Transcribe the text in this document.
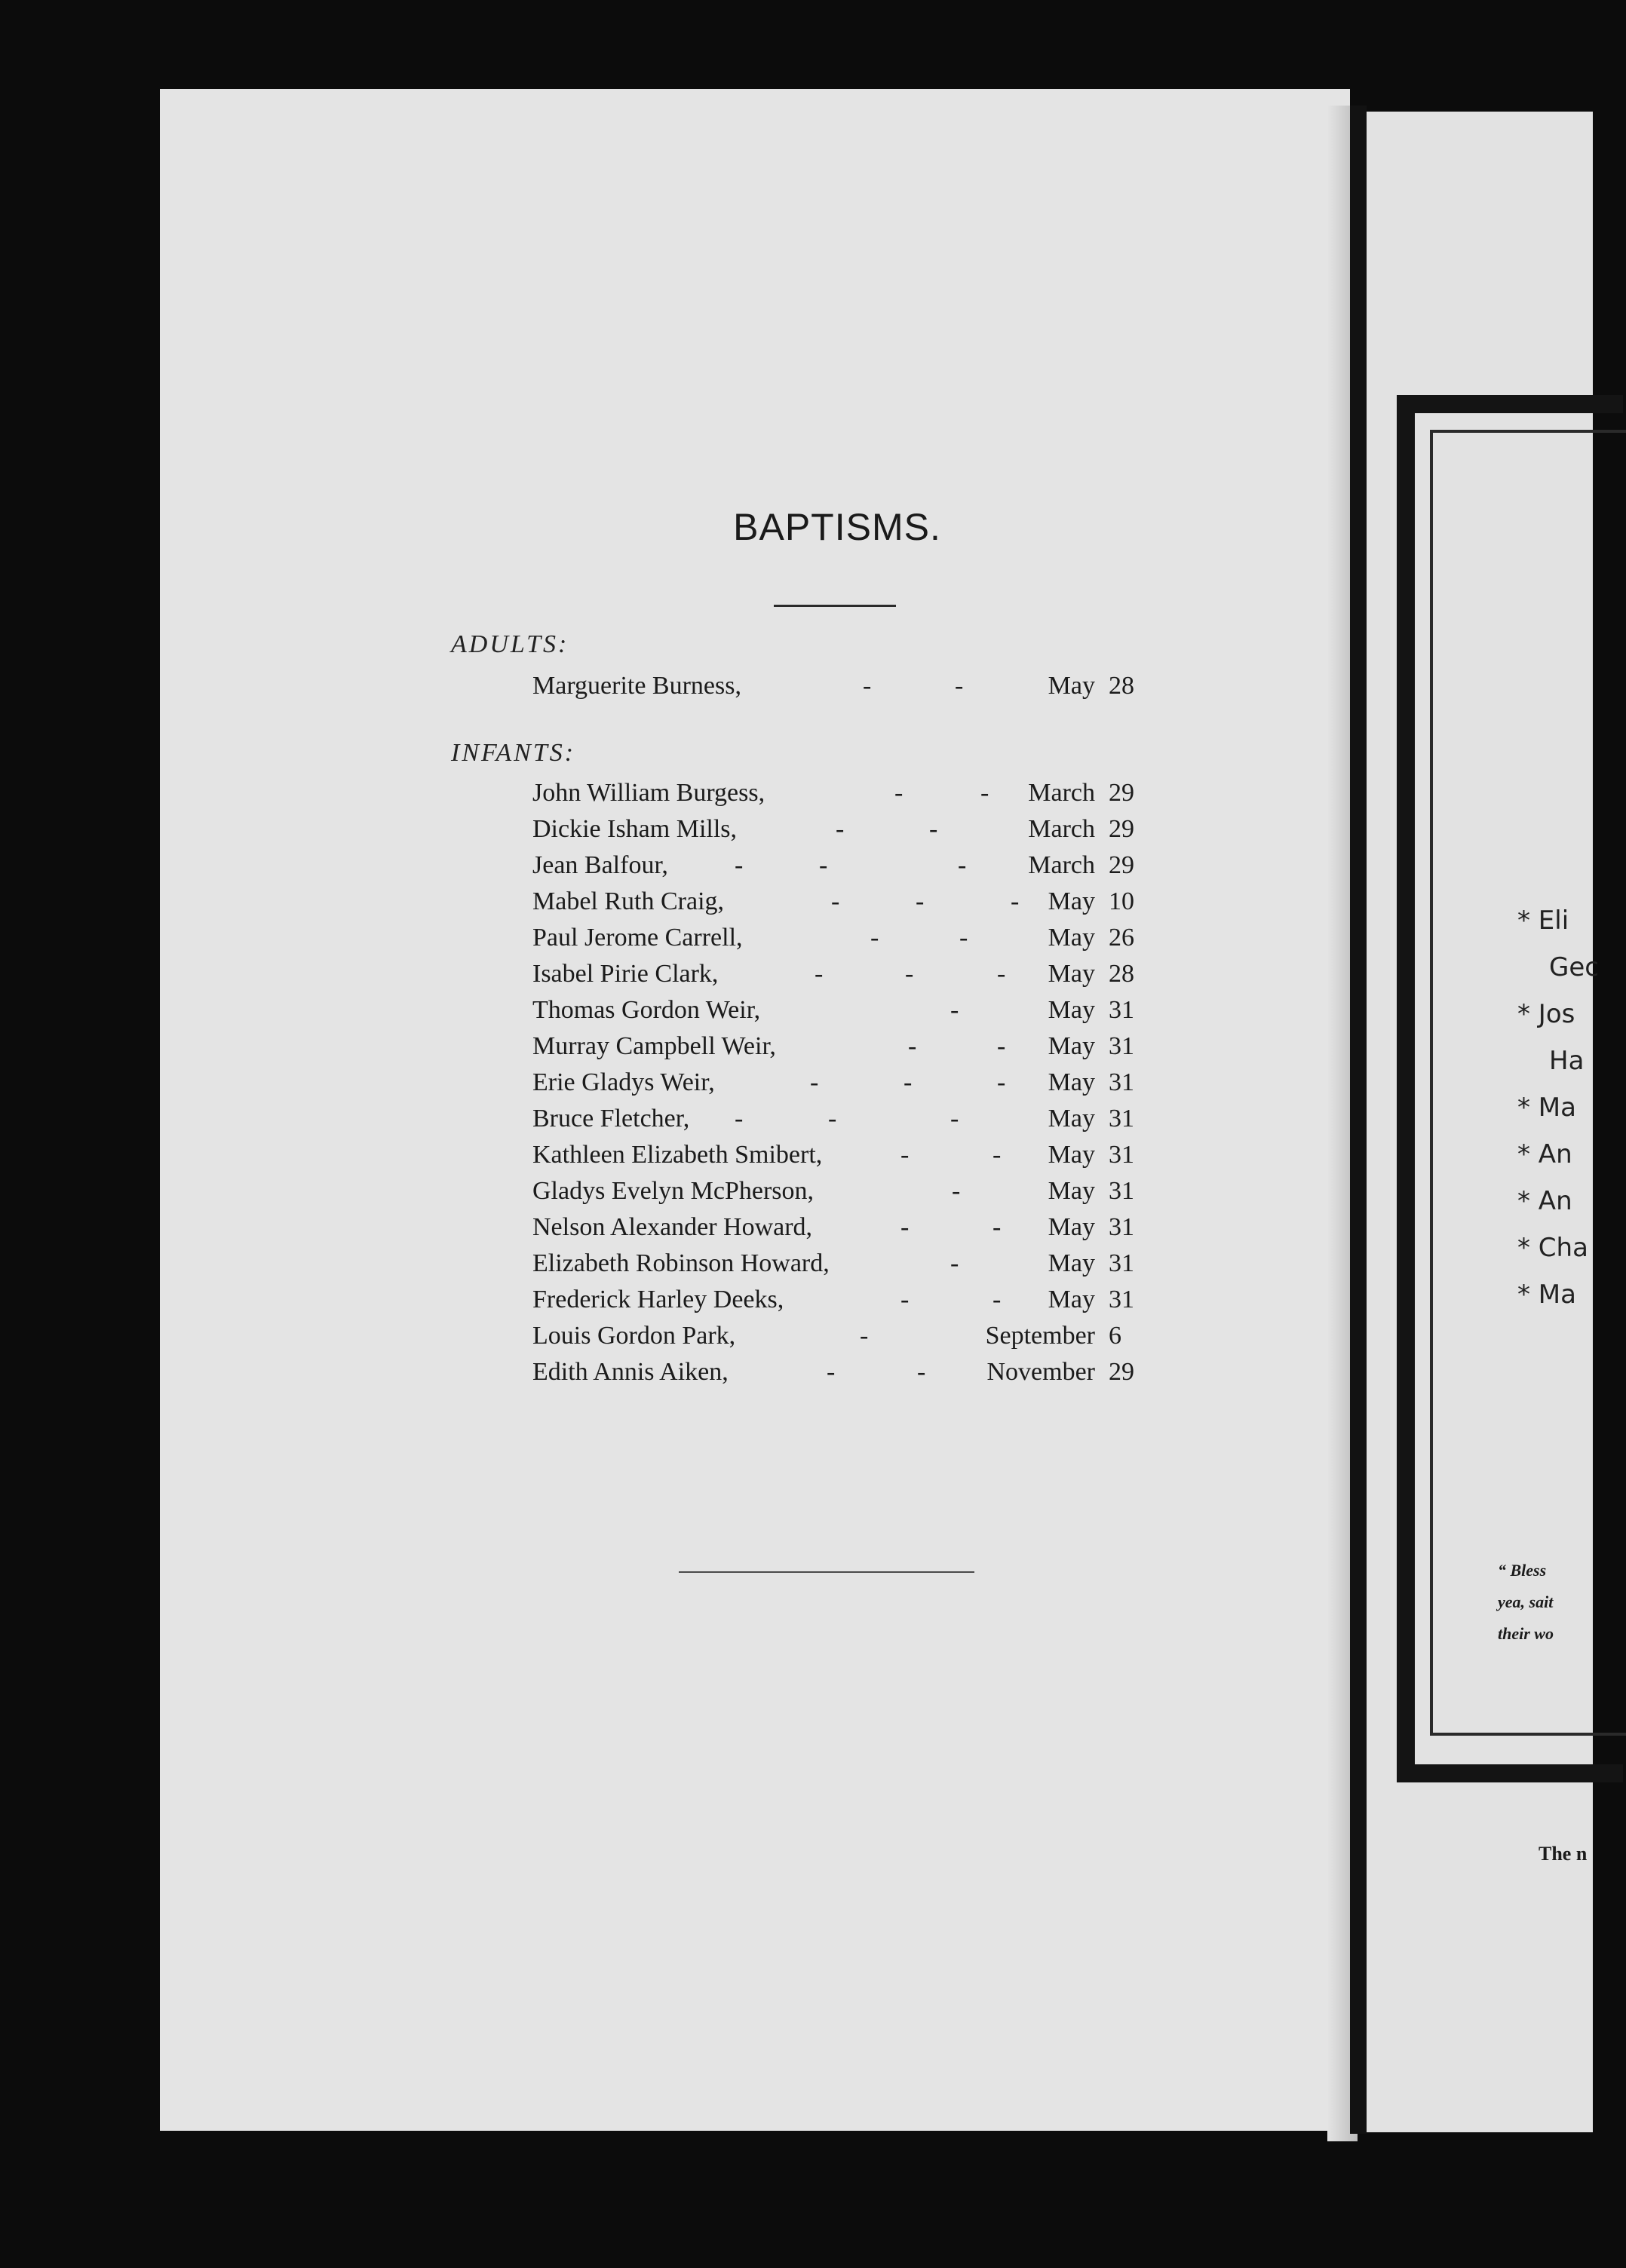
* Eli
Gec
* Jos
Ha
* Ma
* An
* An
* Cha
* Ma
“ Bless
yea, sait
their wo
The n
BAPTISMS.
ADULTS:
Marguerite Burness,	-	-	May 28
INFANTS:
John William Burgess,	-	- March 29
Dickie Isham Mills,	-	-	March 29
Jean Balfour,	-	-	- March 29
Mabel Ruth Craig,	-	-	- May 10
Paul Jerome Carrell,	-	-	May 26
Isabel Pirie Clark,	-	-	- May 28
Thomas Gordon Weir,	-	May 31
Murray Campbell Weir,	-	- May 31
Erie Gladys Weir,	-	-	- May 31
Bruce Fletcher, -	-	-	May 31
Kathleen Elizabeth Smibert,	-	- May 31
Gladys Evelyn McPherson,	-	May 31
Nelson Alexander Howard,	-	- May 31
Elizabeth Robinson Howard,	-	May 31
Frederick Harley Deeks,	-	- May 31
Louis Gordon Park,	-	September 6
Edith Annis Aiken,	-	- November 29
